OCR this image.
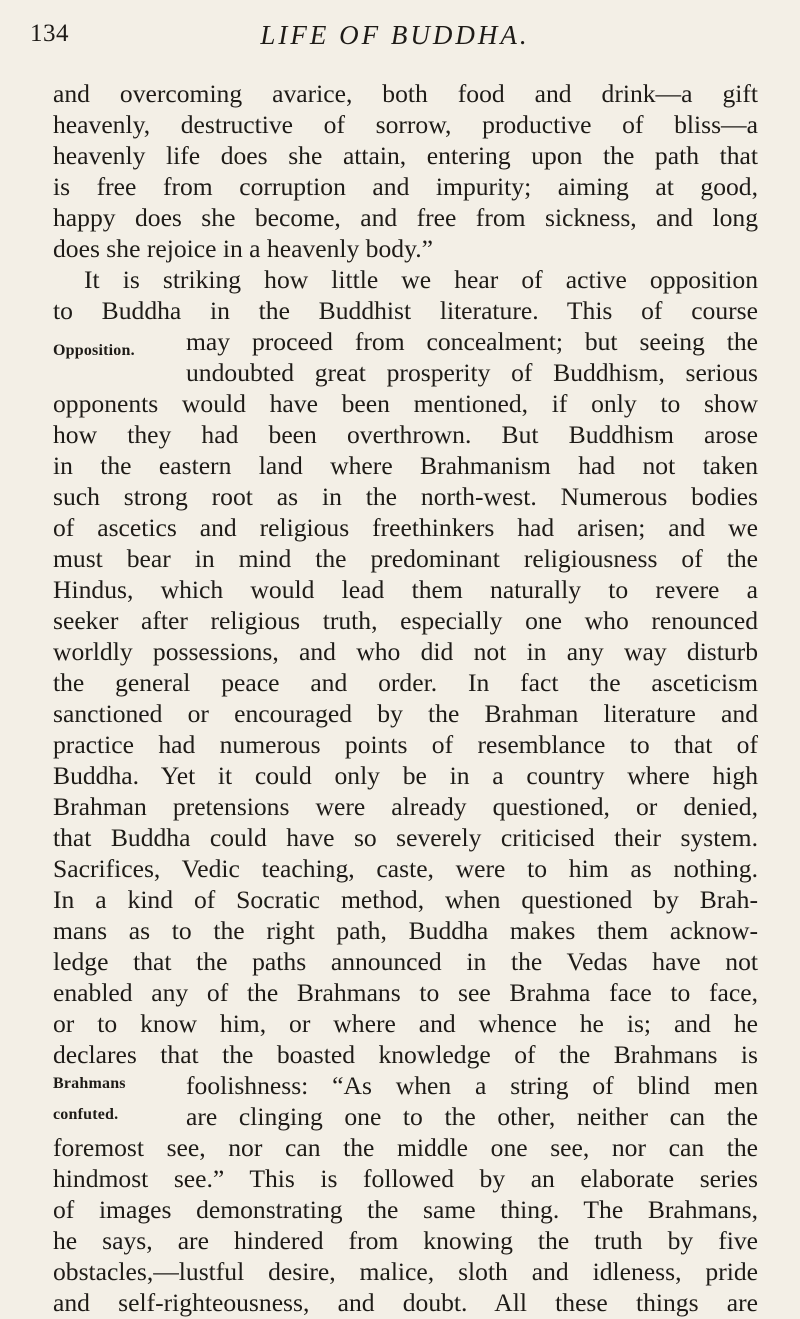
134	LIFE OF BUDDHA.
Opposition.
Brahmans
confuted.
and overcoming avarice, both food and drink—a gift
heavenly, destructive of sorrow, productive of bliss—a
heavenly life does she attain, entering upon the path that
is free from corruption and impurity; aiming at good,
happy does she become, and free from sickness, and long
does she rejoice in a heavenly body.”
It is striking how little we hear of active opposition
to Buddha in the Buddhist literature. This of course
may proceed from concealment; but seeing the
undoubted great prosperity of Buddhism, serious
opponents would have been mentioned, if only to show
how they had been overthrown. But Buddhism arose
in the eastern land where Brahmanism had not taken
such strong root as in the north-west. Numerous bodies
of ascetics and religious freethinkers had arisen; and we
must bear in mind the predominant religiousness of the
Hindus, which would lead them naturally to revere a
seeker after religious truth, especially one who renounced
worldly possessions, and who did not in any way disturb
the general peace and order. In fact the asceticism
sanctioned or encouraged by the Brahman literature and
practice had numerous points of resemblance to that of
Buddha. Yet it could only be in a country where high
Brahman pretensions were already questioned, or denied,
that Buddha could have so severely criticised their system.
Sacrifices, Vedic teaching, caste, were to him as nothing.
In a kind of Socratic method, when questioned by Brah-
mans as to the right path, Buddha makes them acknow-
ledge that the paths announced in the Vedas have not
enabled any of the Brahmans to see Brahma face to face,
or to know him, or where and whence he is; and he
declares that the boasted knowledge of the Brahmans is
foolishness: “As when a string of blind men
are clinging one to the other, neither can the
foremost see, nor can the middle one see, nor can the
hindmost see.” This is followed by an elaborate series
of images demonstrating the same thing. The Brahmans,
he says, are hindered from knowing the truth by five
obstacles,—lustful desire, malice, sloth and idleness, pride
and self-righteousness, and doubt. All these things are
